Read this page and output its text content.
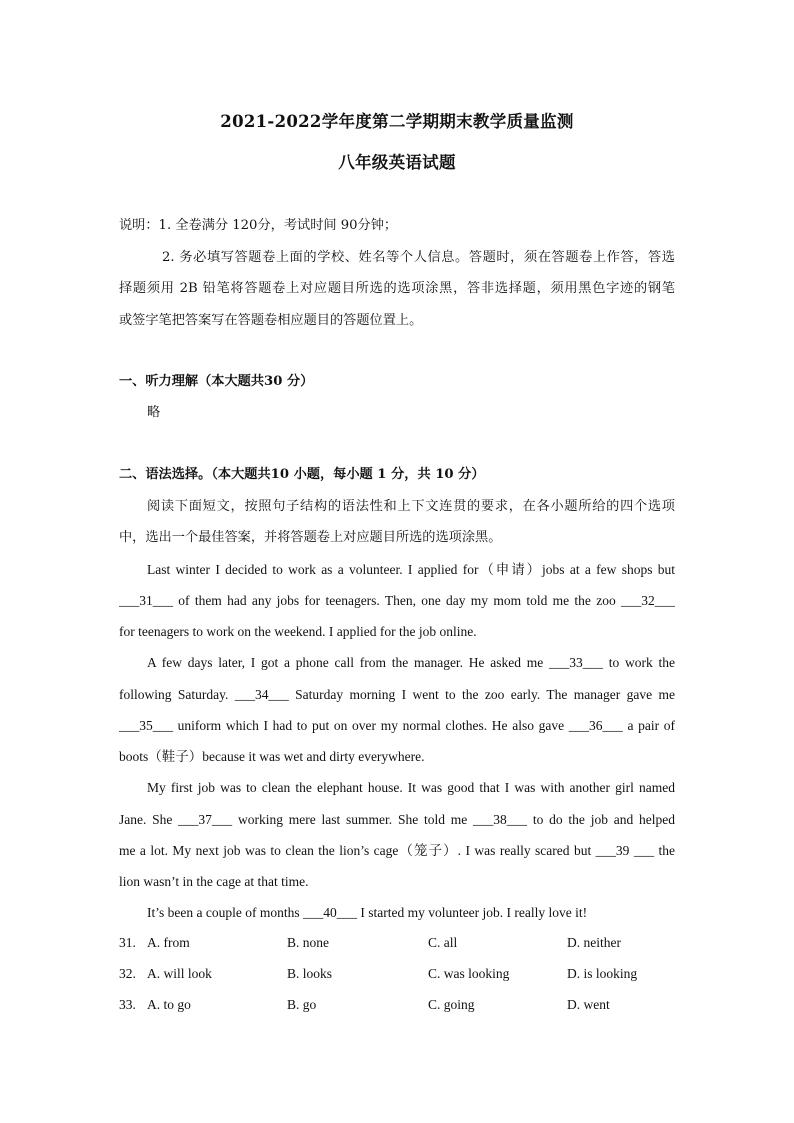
2021-2022学年度第二学期期末教学质量监测
八年级英语试题
说明：1. 全卷满分 120分，考试时间 90分钟；
2. 务必填写答题卷上面的学校、姓名等个人信息。答题时，须在答题卷上作答，答选
择题须用 2B 铅笔将答题卷上对应题目所选的选项涂黑，答非选择题，须用黑色字迹的钢笔
或签字笔把答案写在答题卷相应题目的答题位置上。
一、听力理解（本大题共30 分）
略
二、语法选择。（本大题共10 小题，每小题 1 分，共 10 分）
阅读下面短文，按照句子结构的语法性和上下文连贯的要求，在各小题所给的四个选项
中，选出一个最佳答案，并将答题卷上对应题目所选的选项涂黑。
Last winter I decided to work as a volunteer. I applied for（申请）jobs at a few shops but
___31___ of them had any jobs for teenagers. Then, one day my mom told me the zoo ___32___
for teenagers to work on the weekend. I applied for the job online.
A few days later, I got a phone call from the manager. He asked me ___33___ to work the
following Saturday. ___34___ Saturday morning I went to the zoo early. The manager gave me
___35___ uniform which I had to put on over my normal clothes. He also gave ___36___ a pair of
boots（鞋子）because it was wet and dirty everywhere.
My first job was to clean the elephant house. It was good that I was with another girl named
Jane. She ___37___ working mere last summer. She told me ___38___ to do the job and helped
me a lot. My next job was to clean the lion’s cage（笼子）. I was really scared but ___39 ___ the
lion wasn’t in the cage at that time.
It’s been a couple of months ___40___ I started my volunteer job. I really love it!
31. A. from	B. none	C. all	D. neither
32. A. will look	B. looks	C. was looking	D. is looking
33. A. to go	B. go	C. going	D. went
